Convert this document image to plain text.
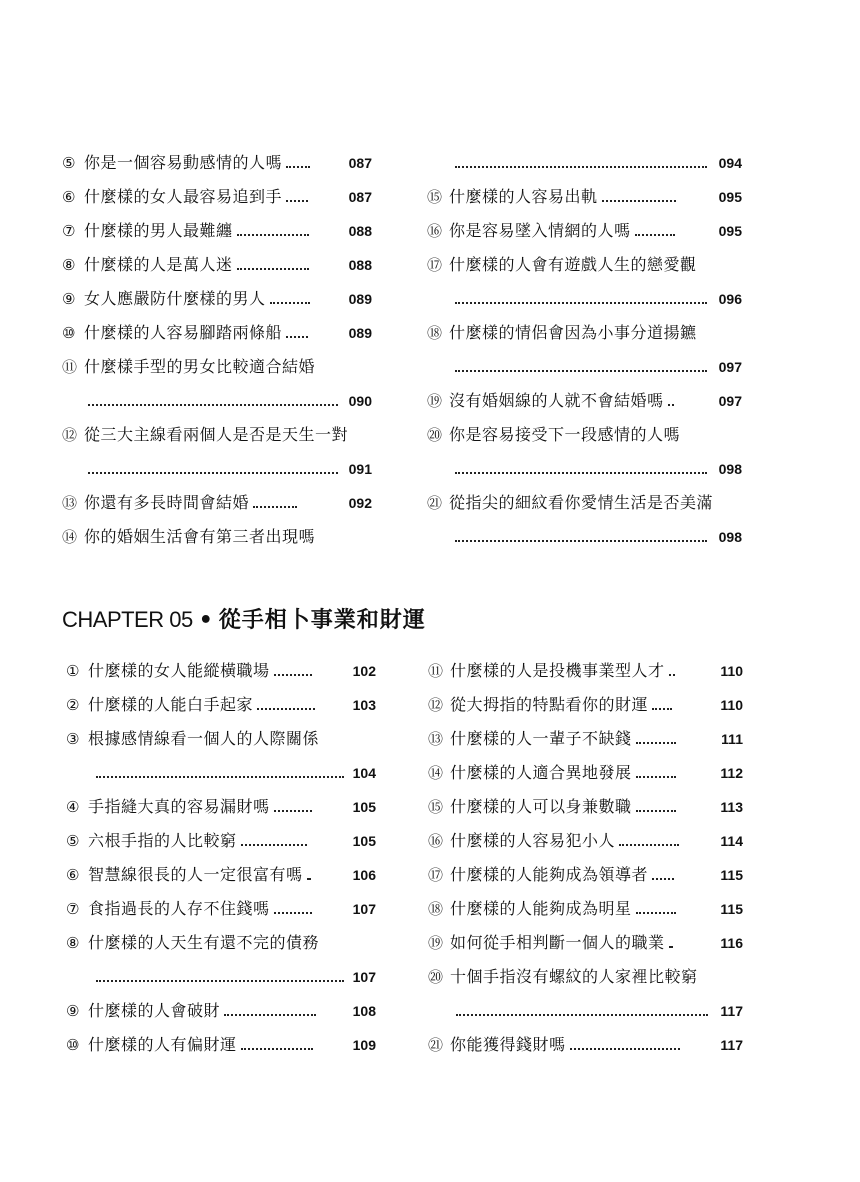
⑤ 你是一個容易動感情的人嗎	087
⑥ 什麼樣的女人最容易追到手	087
⑦ 什麼樣的男人最難纏	088
⑧ 什麼樣的人是萬人迷	088
⑨ 女人應嚴防什麼樣的男人	089
⑩ 什麼樣的人容易腳踏兩條船	089
⑪ 什麼樣手型的男女比較適合結婚
090
⑫ 從三大主線看兩個人是否是天生一對
091
⑬ 你還有多長時間會結婚	092
⑭ 你的婚姻生活會有第三者出現嗎
094
⑮ 什麼樣的人容易出軌	095
⑯ 你是容易墜入情網的人嗎	095
⑰ 什麼樣的人會有遊戲人生的戀愛觀
096
⑱ 什麼樣的情侶會因為小事分道揚鑣
097
⑲ 沒有婚姻線的人就不會結婚嗎	097
⑳ 你是容易接受下一段感情的人嗎
098
㉑ 從指尖的細紋看你愛情生活是否美滿
098
CHAPTER 05 • 從手相卜事業和財運
① 什麼樣的女人能縱橫職場	102
② 什麼樣的人能白手起家	103
③ 根據感情線看一個人的人際關係
104
④ 手指縫大真的容易漏財嗎	105
⑤ 六根手指的人比較窮	105
⑥ 智慧線很長的人一定很富有嗎	106
⑦ 食指過長的人存不住錢嗎	107
⑧ 什麼樣的人天生有還不完的債務
107
⑨ 什麼樣的人會破財	108
⑩ 什麼樣的人有偏財運	109
⑪ 什麼樣的人是投機事業型人才	110
⑫ 從大拇指的特點看你的財運	110
⑬ 什麼樣的人一輩子不缺錢	111
⑭ 什麼樣的人適合異地發展	112
⑮ 什麼樣的人可以身兼數職	113
⑯ 什麼樣的人容易犯小人	114
⑰ 什麼樣的人能夠成為領導者	115
⑱ 什麼樣的人能夠成為明星	115
⑲ 如何從手相判斷一個人的職業	116
⑳ 十個手指沒有螺紋的人家裡比較窮
117
㉑ 你能獲得錢財嗎	117
